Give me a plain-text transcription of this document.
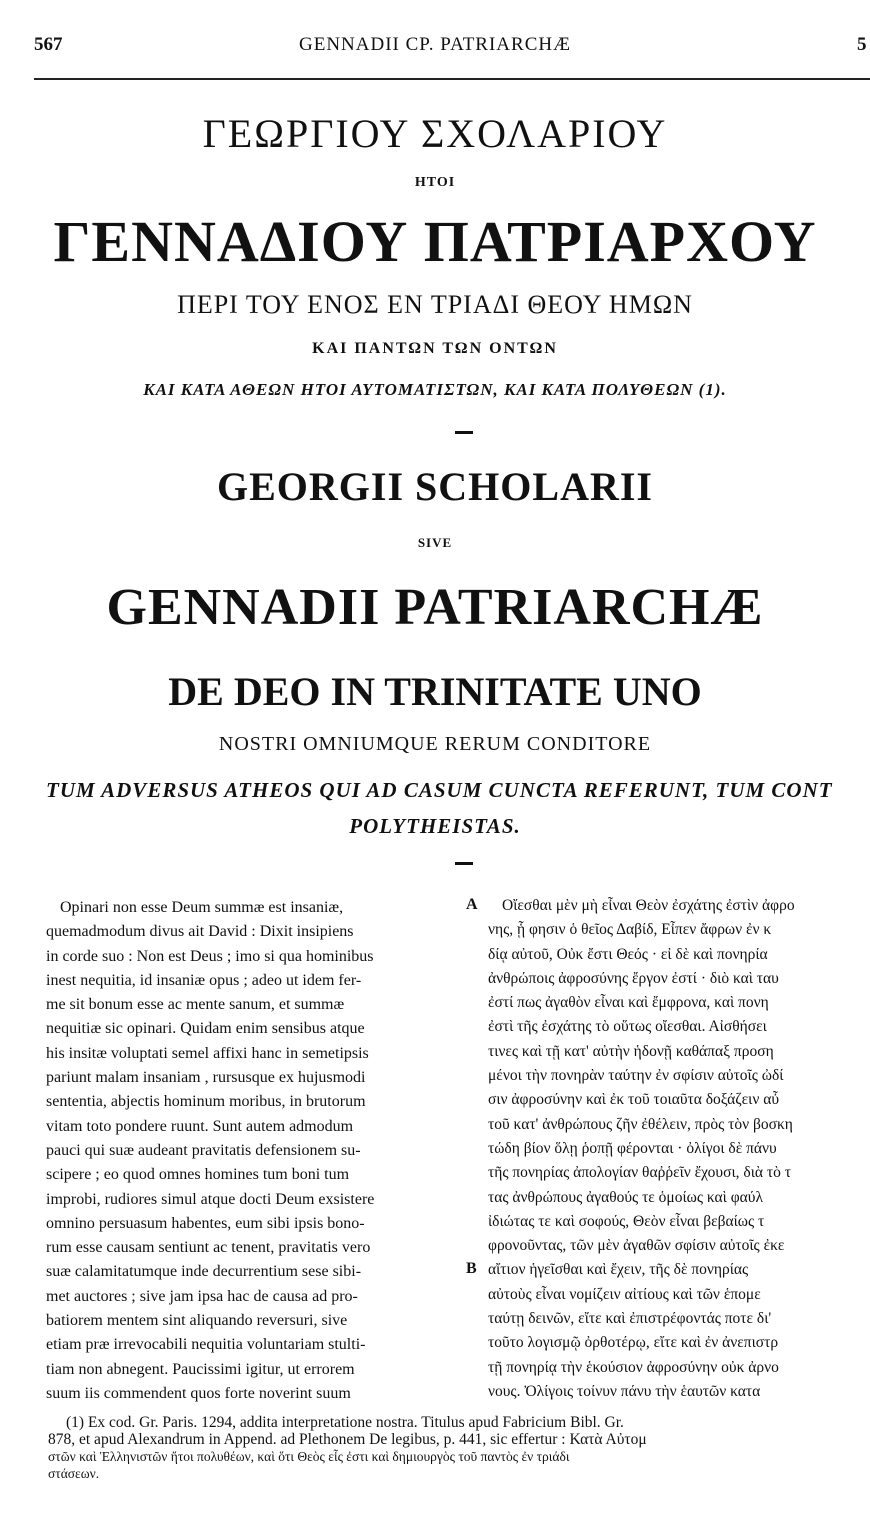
567	GENNADII CP. PATRIARCHÆ	5
ΓΕΩΡΓΙΟΥ ΣΧΟΛΑΡΙΟΥ
ΗΤΟΙ
ΓΕΝΝΑΔΙΟΥ ΠΑΤΡΙΑΡΧΟΥ
ΠΕΡΙ ΤΟΥ ΕΝΟΣ ΕΝ ΤΡΙΑΔΙ ΘΕΟΥ ΗΜΩΝ
ΚΑΙ ΠΑΝΤΩΝ ΤΩΝ ΟΝΤΩΝ
ΚΑΙ ΚΑΤΑ ΑΘΕΩΝ ΗΤΟΙ ΑΥΤΟΜΑΤΙΣΤΩΝ, ΚΑΙ ΚΑΤΑ ΠΟΛΥΘΕΩΝ (1).
GEORGII SCHOLARII
SIVE
GENNADII PATRIARCHÆ
DE DEO IN TRINITATE UNO
NOSTRI OMNIUMQUE RERUM CONDITORE
TUM ADVERSUS ATHEOS QUI AD CASUM CUNCTA REFERUNT, TUM CONT
POLYTHEISTAS.
Opinari non esse Deum summæ est insaniæ,
quemadmodum divus ait David : Dixit insipiens
in corde suo : Non est Deus ; imo si qua hominibus
inest nequitia, id insaniæ opus ; adeo ut idem fer-
me sit bonum esse ac mente sanum, et summæ
nequitiæ sic opinari. Quidam enim sensibus atque
his insitæ voluptati semel affixi hanc in semetipsis
pariunt malam insaniam , rursusque ex hujusmodi
sententia, abjectis hominum moribus, in brutorum
vitam toto pondere ruunt. Sunt autem admodum
pauci qui suæ audeant pravitatis defensionem su-
scipere ; eo quod omnes homines tum boni tum
improbi, rudiores simul atque docti Deum exsistere
omnino persuasum habentes, eum sibi ipsis bono-
rum esse causam sentiunt ac tenent, pravitatis vero
suæ calamitatumque inde decurrentium sese sibi-
met auctores ; sive jam ipsa hac de causa ad pro-
batiorem mentem sint aliquando reversuri, sive
etiam præ irrevocabili nequitia voluntariam stulti-
tiam non abnegent. Paucissimi igitur, ut errorem
suum iis commendent quos forte noverint suum
A
B
Οἴεσθαι μὲν μὴ εἶναι Θεὸν ἐσχάτης ἐστὶν ἀφρο
νης, ᾗ φησιν ὁ θεῖος Δαβίδ, Εἶπεν ἄφρων ἐν κ
δίᾳ αὐτοῦ, Οὐκ ἔστι Θεός · εἰ δὲ καὶ πονηρία
ἀνθρώποις ἀφροσύνης ἔργον ἐστί · διὸ καὶ ταυ
ἐστί πως ἀγαθὸν εἶναι καὶ ἔμφρονα, καὶ πονη
ἐστὶ τῆς ἐσχάτης τὸ οὕτως οἴεσθαι. Αἰσθήσει
τινες καὶ τῇ κατ' αὐτὴν ἡδονῇ καθάπαξ προση
μένοι τὴν πονηρὰν ταύτην ἐν σφίσιν αὐτοῖς ὠδί
σιν ἀφροσύνην καὶ ἐκ τοῦ τοιαῦτα δοξάζειν αὖ
τοῦ κατ' ἀνθρώπους ζῆν ἐθέλειν, πρὸς τὸν βοσκη
τώδη βίον ὅλῃ ῥοπῇ φέρονται · ὀλίγοι δὲ πάνυ
τῆς πονηρίας ἀπολογίαν θαῤῥεῖν ἔχουσι, διὰ τὸ τ
τας ἀνθρώπους ἀγαθούς τε ὁμοίως καὶ φαύλ
ἰδιώτας τε καὶ σοφούς, Θεὸν εἶναι βεβαίως τ
φρονοῦντας, τῶν μὲν ἀγαθῶν σφίσιν αὐτοῖς ἐκε
αἴτιον ἡγεῖσθαι καὶ ἔχειν, τῆς δὲ πονηρίας
αὐτοὺς εἶναι νομίζειν αἰτίους καὶ τῶν ἑπομε
ταύτῃ δεινῶν, εἴτε καὶ ἐπιστρέφοντάς ποτε δι'
τοῦτο λογισμῷ ὀρθοτέρῳ, εἴτε καὶ ἐν ἀνεπιστρ
τῇ πονηρίᾳ τὴν ἑκούσιον ἀφροσύνην οὐκ ἀρνο
νους. Ὀλίγοις τοίνυν πάνυ τὴν ἑαυτῶν κατα
(1) Ex cod. Gr. Paris. 1294, addita interpretatione nostra. Titulus apud Fabricium Bibl. Gr.
878, et apud Alexandrum in Append. ad Plethonem De legibus, p. 441, sic effertur : Κατὰ Αὐτομ
στῶν καὶ Ἑλληνιστῶν ἤτοι πολυθέων, καὶ ὅτι Θεὸς εἷς ἐστι καὶ δημιουργὸς τοῦ παντὸς ἐν τριάδι
στάσεων.
